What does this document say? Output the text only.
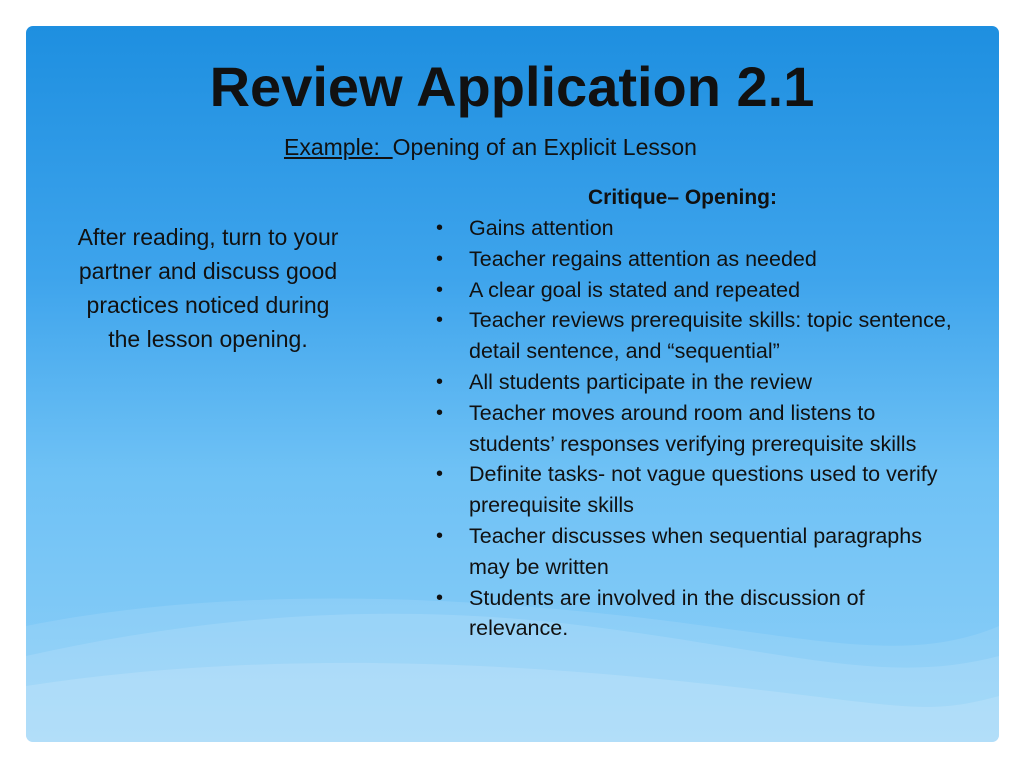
Review Application 2.1
Example:  Opening of an Explicit Lesson
After reading, turn to your partner and discuss good practices noticed during the lesson opening.
Critique– Opening:
• Gains attention
• Teacher regains attention as needed
• A clear goal is stated and repeated
• Teacher reviews prerequisite skills: topic sentence, detail sentence, and “sequential”
• All students participate in the review
• Teacher moves around room and listens to students’ responses verifying prerequisite skills
• Definite tasks- not vague questions used to verify prerequisite skills
• Teacher discusses when sequential paragraphs may be written
• Students are involved in the discussion of relevance.
